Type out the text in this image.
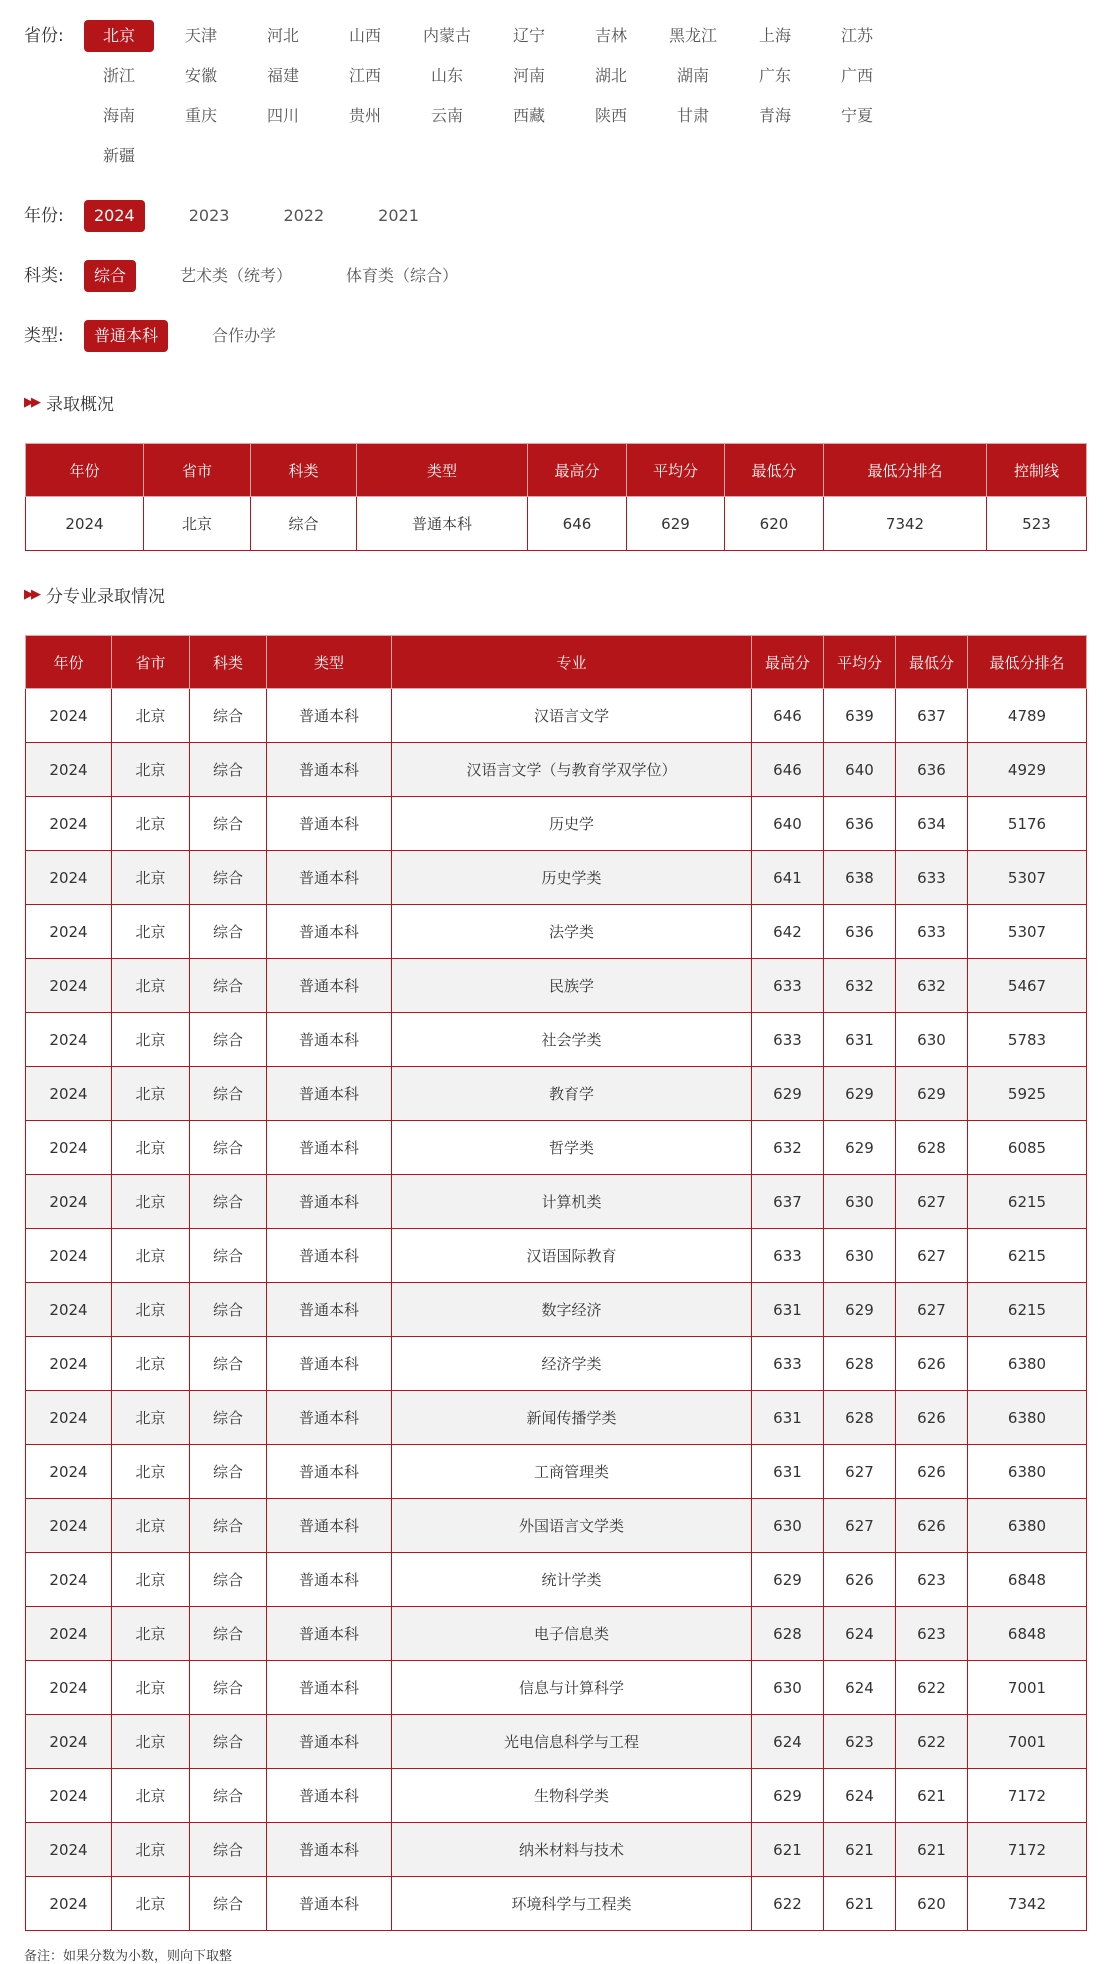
省份:	北京	天津	河北	山西	内蒙古	辽宁	吉林	黑龙江	上海	江苏
浙江	安徽	福建	江西	山东	河南	湖北	湖南	广东	广西
海南	重庆	四川	贵州	云南	西藏	陕西	甘肃	青海	宁夏
新疆
年份:	2024	2023	2022	2021
科类:	综合	艺术类（统考）	体育类（综合）
类型:	普通本科	合作办学
▶▶ 录取概况
年份	省市	科类	类型	最高分	平均分	最低分	最低分排名	控制线
2024	北京	综合	普通本科	646	629	620	7342	523
▶▶ 分专业录取情况
年份	省市	科类	类型	专业	最高分	平均分	最低分	最低分排名
2024	北京	综合	普通本科	汉语言文学	646	639	637	4789
2024	北京	综合	普通本科	汉语言文学（与教育学双学位）	646	640	636	4929
2024	北京	综合	普通本科	历史学	640	636	634	5176
2024	北京	综合	普通本科	历史学类	641	638	633	5307
2024	北京	综合	普通本科	法学类	642	636	633	5307
2024	北京	综合	普通本科	民族学	633	632	632	5467
2024	北京	综合	普通本科	社会学类	633	631	630	5783
2024	北京	综合	普通本科	教育学	629	629	629	5925
2024	北京	综合	普通本科	哲学类	632	629	628	6085
2024	北京	综合	普通本科	计算机类	637	630	627	6215
2024	北京	综合	普通本科	汉语国际教育	633	630	627	6215
2024	北京	综合	普通本科	数字经济	631	629	627	6215
2024	北京	综合	普通本科	经济学类	633	628	626	6380
2024	北京	综合	普通本科	新闻传播学类	631	628	626	6380
2024	北京	综合	普通本科	工商管理类	631	627	626	6380
2024	北京	综合	普通本科	外国语言文学类	630	627	626	6380
2024	北京	综合	普通本科	统计学类	629	626	623	6848
2024	北京	综合	普通本科	电子信息类	628	624	623	6848
2024	北京	综合	普通本科	信息与计算科学	630	624	622	7001
2024	北京	综合	普通本科	光电信息科学与工程	624	623	622	7001
2024	北京	综合	普通本科	生物科学类	629	624	621	7172
2024	北京	综合	普通本科	纳米材料与技术	621	621	621	7172
2024	北京	综合	普通本科	环境科学与工程类	622	621	620	7342
备注：如果分数为小数，则向下取整
